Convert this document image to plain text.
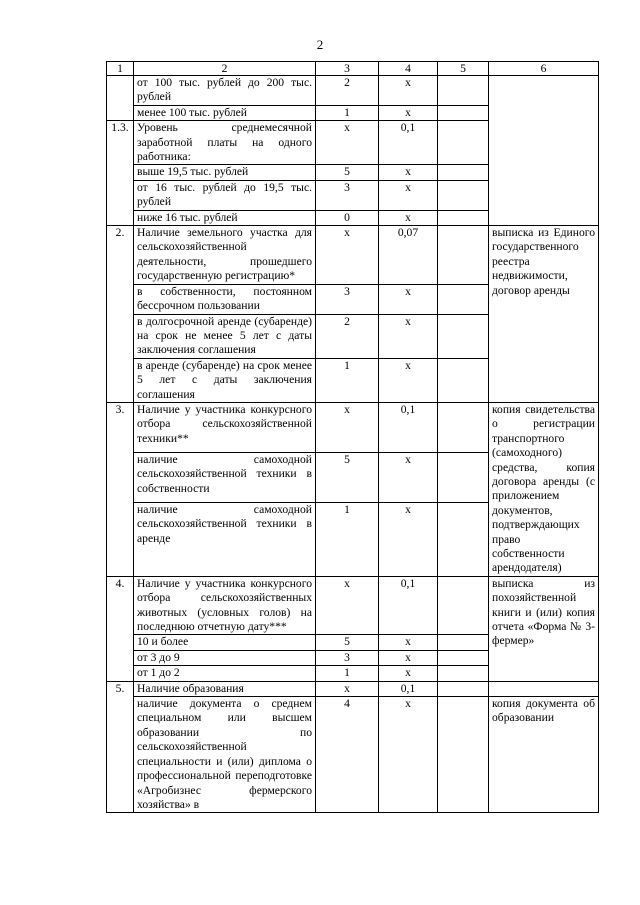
2
1	2	3	4	5	6
	от 100 тыс. рублей до 200 тыс. рублей	2	х		
	менее 100 тыс. рублей	1	х		
1.3.	Уровень среднемесячной заработной платы на одного работника:	х	0,1		
	выше 19,5 тыс. рублей	5	х		
	от 16 тыс. рублей до 19,5 тыс. рублей	3	х		
	ниже 16 тыс. рублей	0	х		
2.	Наличие земельного участка для сельскохозяйственной деятельности, прошедшего государственную регистрацию*	х	0,07		выписка из Единого государственного реестра недвижимости, договор аренды
	в собственности, постоянном бессрочном пользовании	3	х		
	в долгосрочной аренде (субаренде) на срок не менее 5 лет с даты заключения соглашения	2	х		
	в аренде (субаренде) на срок менее 5 лет с даты заключения соглашения	1	х		
3.	Наличие у участника конкурсного отбора сельскохозяйственной техники**	х	0,1		копия свидетельства о регистрации транспортного (самоходного) средства, копия договора аренды (с приложением документов, подтверждающих право собственности арендодателя)
	наличие самоходной сельскохозяйственной техники в собственности	5	х		
	наличие самоходной сельскохозяйственной техники в аренде	1	х		
4.	Наличие у участника конкурсного отбора сельскохозяйственных животных (условных голов) на последнюю отчетную дату***	х	0,1		выписка из похозяйственной книги и (или) копия отчета «Форма № 3-фермер»
	10 и более	5	х		
	от 3 до 9	3	х		
	от 1 до 2	1	х		
5.	Наличие образования	х	0,1		
	наличие документа о среднем специальном или высшем образовании по сельскохозяйственной специальности и (или) диплома о профессиональной переподготовке «Агробизнес фермерского хозяйства» в	4	х		копия документа об образовании
